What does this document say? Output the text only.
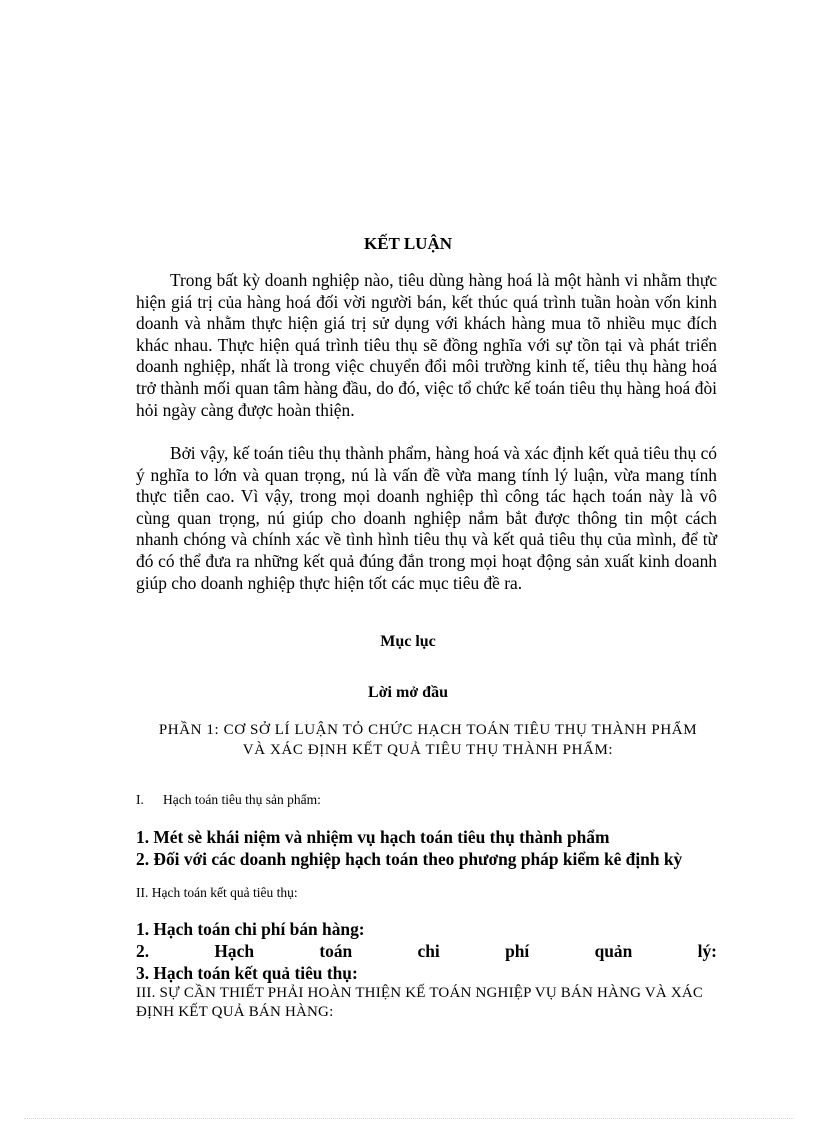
KẾT LUẬN

Trong bất kỳ doanh nghiệp nào, tiêu dùng hàng hoá là một hành vi nhằm thực hiện giá trị của hàng hoá đối vời người bán, kết thúc quá trình tuần hoàn vốn kinh doanh và nhằm thực hiện giá trị sử dụng với khách hàng mua tõ nhiều mục đích khác nhau. Thực hiện quá trình tiêu thụ sẽ đồng nghĩa với sự tồn tại và phát triển doanh nghiệp, nhất là trong việc chuyển đổi môi trường kinh tế, tiêu thụ hàng hoá trở thành mối quan tâm hàng đầu, do đó, việc tổ chức kế toán tiêu thụ hàng hoá đòi hỏi ngày càng được hoàn thiện.

Bởi vậy, kế toán tiêu thụ thành phẩm, hàng hoá và xác định kết quả tiêu thụ có ý nghĩa to lớn và quan trọng, nú là vấn đề vừa mang tính lý luận, vừa mang tính thực tiễn cao. Vì vậy, trong mọi doanh nghiệp thì công tác hạch toán này là vô cùng quan trọng, nú giúp cho doanh nghiệp nắm bắt được thông tin một cách nhanh chóng và chính xác về tình hình tiêu thụ và kết quả tiêu thụ của mình, để từ đó có thể đưa ra những kết quả đúng đắn trong mọi hoạt động sản xuất kinh doanh giúp cho doanh nghiệp thực hiện tốt các mục tiêu đề ra.

Mục lục
Lời mở đầu
PHẦN 1: CƠ SỞ LÍ LUẬN TỎ CHỨC HẠCH TOÁN TIÊU THỤ THÀNH PHẨM VÀ XÁC ĐỊNH KẾT QUẢ TIÊU THỤ THÀNH PHẨM:
I. Hạch toán tiêu thụ sản phẩm:
1. Mét sè khái niệm và nhiệm vụ hạch toán tiêu thụ thành phẩm
2. Đối với các doanh nghiệp hạch toán theo phương pháp kiểm kê định kỳ
II. Hạch toán kết quả tiêu thụ:
1. Hạch toán chi phí bán hàng:
2.	Hạch	toán	chi	phí	quản	lý:
3. Hạch toán kết quả tiêu thụ:
III. SỰ CẦN THIẾT PHẢI HOÀN THIỆN KẾ TOÁN NGHIỆP VỤ BÁN HÀNG VÀ XÁC ĐỊNH KẾT QUẢ BÁN HÀNG:
